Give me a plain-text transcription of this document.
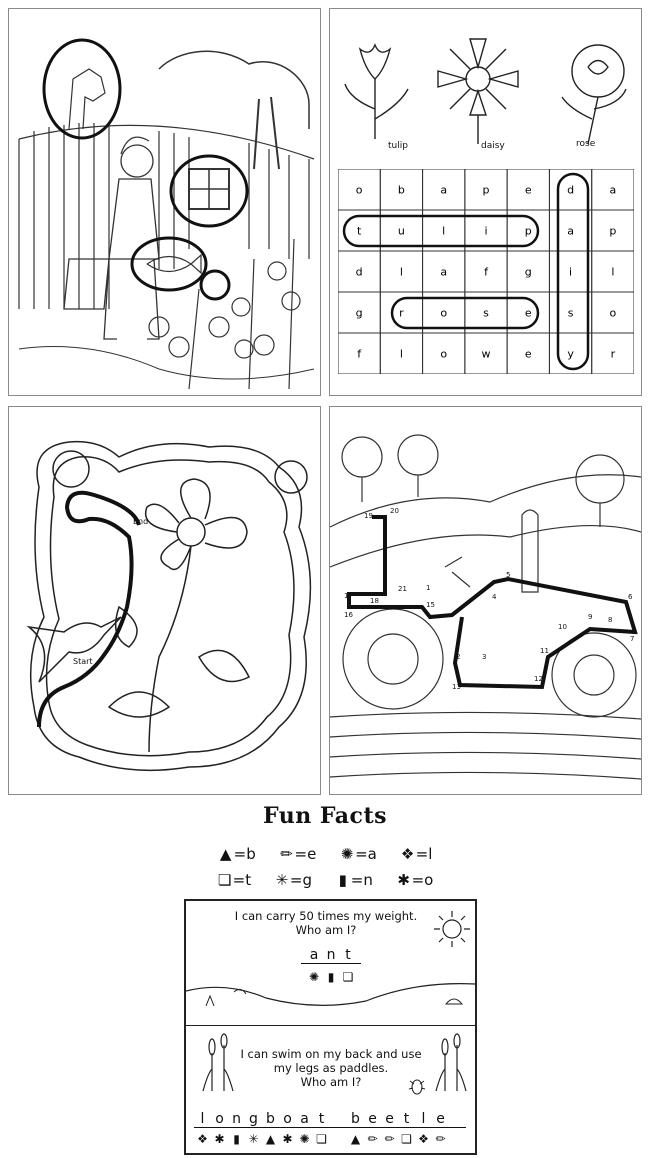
tulip	daisy	rose
o	b	a	p	e	d	a
t	u	l	i	p	a	p
d	l	a	f	g	i	l
g	r	o	s	e	s	o
f	l	o	w	e	y	r
End
Start
1
2	3
4
5
6
7
8
9
10
11
12
13
15
16
17
18
19
20
21
Fun Facts
▲ =b ✏ =e ✺ =a ❖=l
❏=t ✳ =g ▮ =n ✱ =o
I can carry 50 times my weight.
Who am I?
a n t
✺ ▮ ❏
I can swim on my back and use
my legs as paddles.
Who am I?
l o n g b o a t b e e t l e
❖ ✱ ▮ ✳ ▲ ✱ ✺ ❏ ▲ ✏ ✏ ❏ ❖ ✏
